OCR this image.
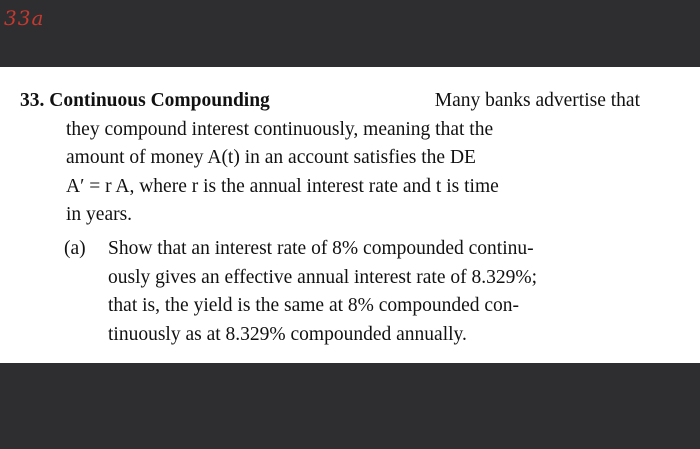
33a
33. Continuous Compounding	Many banks advertise that
they compound interest continuously, meaning that the
amount of money A(t) in an account satisfies the DE
A′ = r A, where r is the annual interest rate and t is time
in years.
(a) Show that an interest rate of 8% compounded continu-
ously gives an effective annual interest rate of 8.329%;
that is, the yield is the same at 8% compounded con-
tinuously as at 8.329% compounded annually.
